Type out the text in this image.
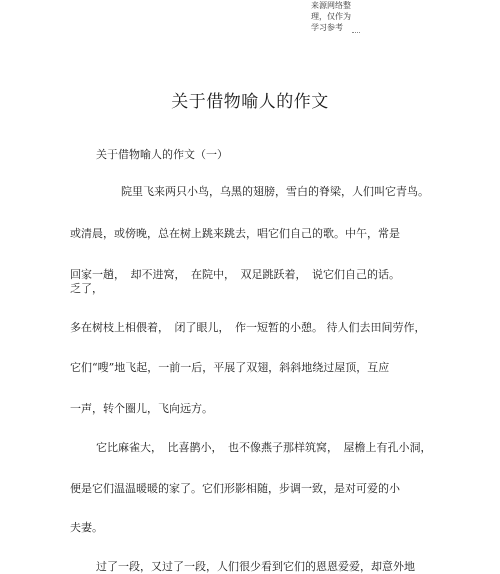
来源网络整
理，仅作为
学习参考
关于借物喻人的作文
关于借物喻人的作文（一）
院里飞来两只小鸟，乌黑的翅膀，雪白的脊梁，人们叫它青鸟。
或清晨，或傍晚，总在树上跳来跳去，唱它们自己的歌。中午，常是
回家一趟，　却不进窝，　在院中，　双足跳跃着，　说它们自己的话。
乏了，
多在树枝上相偎着，　闭了眼儿，　作一短暂的小憩。 待人们去田间劳作，
它们“嗖”地飞起，一前一后，平展了双翅，斜斜地绕过屋顶，互应
一声，转个圈儿，飞向远方。
它比麻雀大，　比喜鹊小，　也不像燕子那样筑窝，　屋檐上有孔小洞，
便是它们温温暖暖的家了。它们形影相随，步调一致，是对可爱的小
夫妻。
过了一段，又过了一段，人们很少看到它们的恩恩爱爱，却意外地
